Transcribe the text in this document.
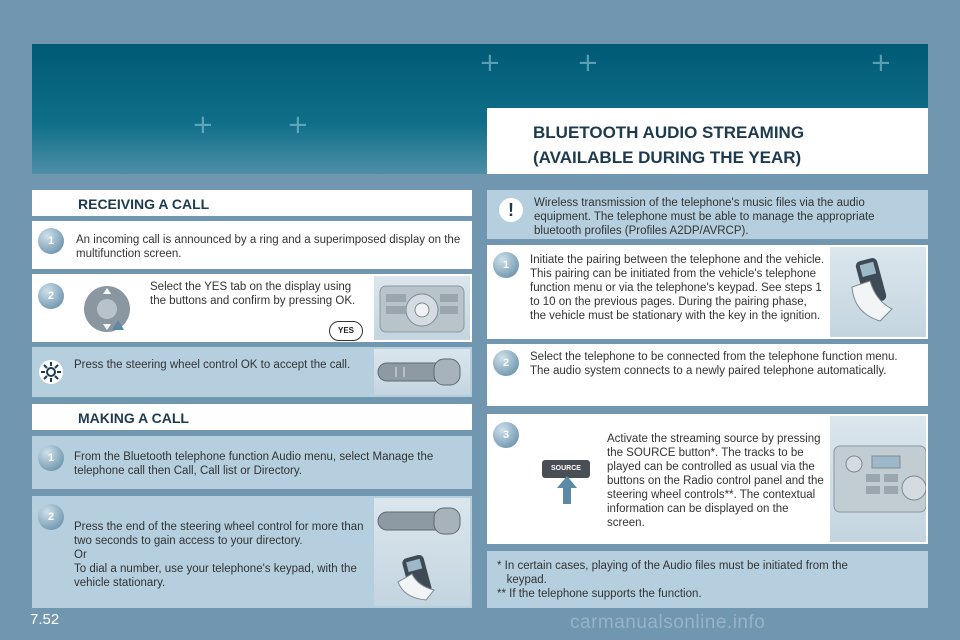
+	+
+	+	+
BLUETOOTH AUDIO STREAMING
(AVAILABLE DURING THE YEAR)
RECEIVING A CALL
1	An incoming call is announced by a ring and a superimposed display on the multifunction screen.
2
Select the YES tab on the display using the buttons and confirm by pressing OK.
YES
Press the steering wheel control OK to accept the call.
MAKING A CALL
1	From the Bluetooth telephone function Audio menu, select Manage the telephone call then Call, Call list or Directory.
2
Press the end of the steering wheel control for more than two seconds to gain access to your directory.
Or
To dial a number, use your telephone's keypad, with the vehicle stationary.
!	Wireless transmission of the telephone's music files via the audio equipment. The telephone must be able to manage the appropriate bluetooth profiles (Profiles A2DP/AVRCP).
1	Initiate the pairing between the telephone and the vehicle. This pairing can be initiated from the vehicle's telephone function menu or via the telephone's keypad. See steps 1 to 10 on the previous pages. During the pairing phase, the vehicle must be stationary with the key in the ignition.
2	Select the telephone to be connected from the telephone function menu.
The audio system connects to a newly paired telephone automatically.
3
SOURCE
Activate the streaming source by pressing the SOURCE button*. The tracks to be played can be controlled as usual via the buttons on the Radio control panel and the steering wheel controls**. The contextual information can be displayed on the screen.
* In certain cases, playing of the Audio files must be initiated from the
keypad.
** If the telephone supports the function.
7.52	carmanualsonline.info
